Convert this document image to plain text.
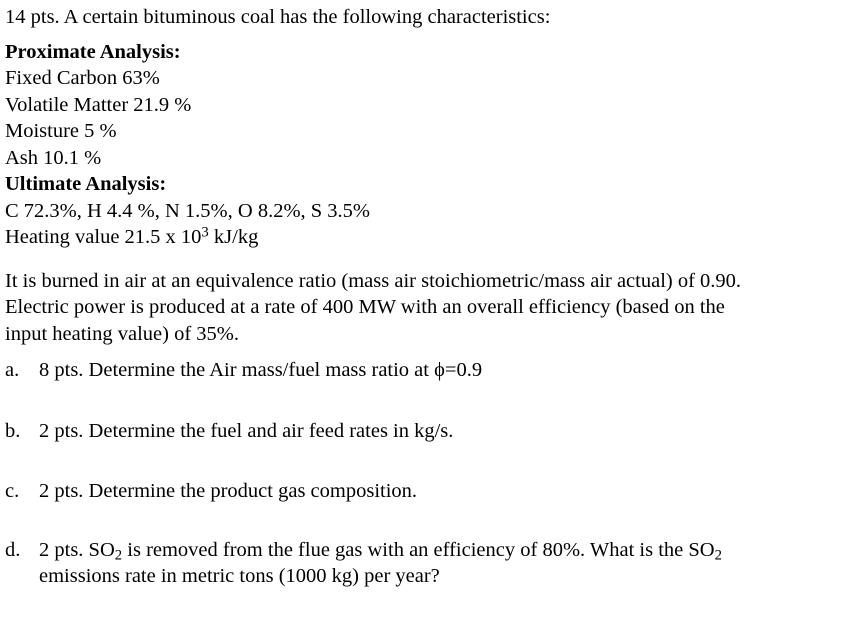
14 pts. A certain bituminous coal has the following characteristics:
Proximate Analysis:
Fixed Carbon 63%
Volatile Matter 21.9 %
Moisture 5 %
Ash 10.1 %
Ultimate Analysis:
C 72.3%, H 4.4 %, N 1.5%, O 8.2%, S 3.5%
Heating value 21.5 x $10^3$ kJ/kg
It is burned in air at an equivalence ratio (mass air stoichiometric/mass air actual) of 0.90.
Electric power is produced at a rate of 400 MW with an overall efficiency (based on the
input heating value) of 35%.
a. 8 pts. Determine the Air mass/fuel mass ratio at ϕ=0.9
b. 2 pts. Determine the fuel and air feed rates in kg/s.
c. 2 pts. Determine the product gas composition.
d. 2 pts. $SO_2$ is removed from the flue gas with an efficiency of 80%. What is the $SO_2$
emissions rate in metric tons (1000 kg) per year?
